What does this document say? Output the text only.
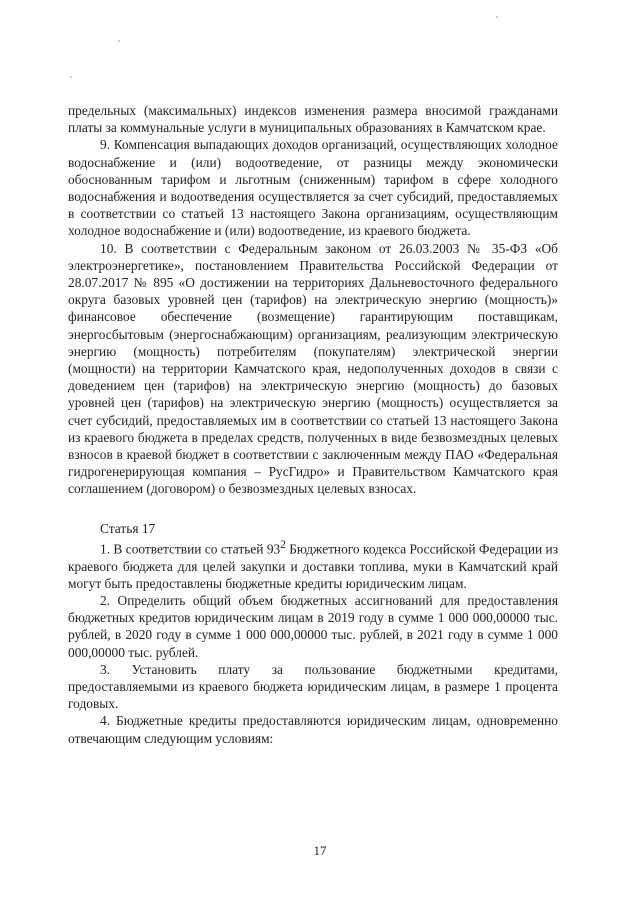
предельных (максимальных) индексов изменения размера вносимой гражданами платы за коммунальные услуги в муниципальных образованиях в Камчатском крае.

9. Компенсация выпадающих доходов организаций, осуществляющих холодное водоснабжение и (или) водоотведение, от разницы между экономически обоснованным тарифом и льготным (сниженным) тарифом в сфере холодного водоснабжения и водоотведения осуществляется за счет субсидий, предоставляемых в соответствии со статьей 13 настоящего Закона организациям, осуществляющим холодное водоснабжение и (или) водоотведение, из краевого бюджета.

10. В соответствии с Федеральным законом от 26.03.2003 № 35-ФЗ «Об электроэнергетике», постановлением Правительства Российской Федерации от 28.07.2017 № 895 «О достижении на территориях Дальневосточного федерального округа базовых уровней цен (тарифов) на электрическую энергию (мощность)» финансовое обеспечение (возмещение) гарантирующим поставщикам, энергосбытовым (энергоснабжающим) организациям, реализующим электрическую энергию (мощность) потребителям (покупателям) электрической энергии (мощности) на территории Камчатского края, недополученных доходов в связи с доведением цен (тарифов) на электрическую энергию (мощность) до базовых уровней цен (тарифов) на электрическую энергию (мощность) осуществляется за счет субсидий, предоставляемых им в соответствии со статьей 13 настоящего Закона из краевого бюджета в пределах средств, полученных в виде безвозмездных целевых взносов в краевой бюджет в соответствии с заключенным между ПАО «Федеральная гидрогенерирующая компания – РусГидро» и Правительством Камчатского края соглашением (договором) о безвозмездных целевых взносах.

Статья 17

1. В соответствии со статьей $93^2$ Бюджетного кодекса Российской Федерации из краевого бюджета для целей закупки и доставки топлива, муки в Камчатский край могут быть предоставлены бюджетные кредиты юридическим лицам.

2. Определить общий объем бюджетных ассигнований для предоставления бюджетных кредитов юридическим лицам в 2019 году в сумме 1 000 000,00000 тыс. рублей, в 2020 году в сумме 1 000 000,00000 тыс. рублей, в 2021 году в сумме 1 000 000,00000 тыс. рублей.

3. Установить плату за пользование бюджетными кредитами, предоставляемыми из краевого бюджета юридическим лицам, в размере 1 процента годовых.

4. Бюджетные кредиты предоставляются юридическим лицам, одновременно отвечающим следующим условиям:

17
